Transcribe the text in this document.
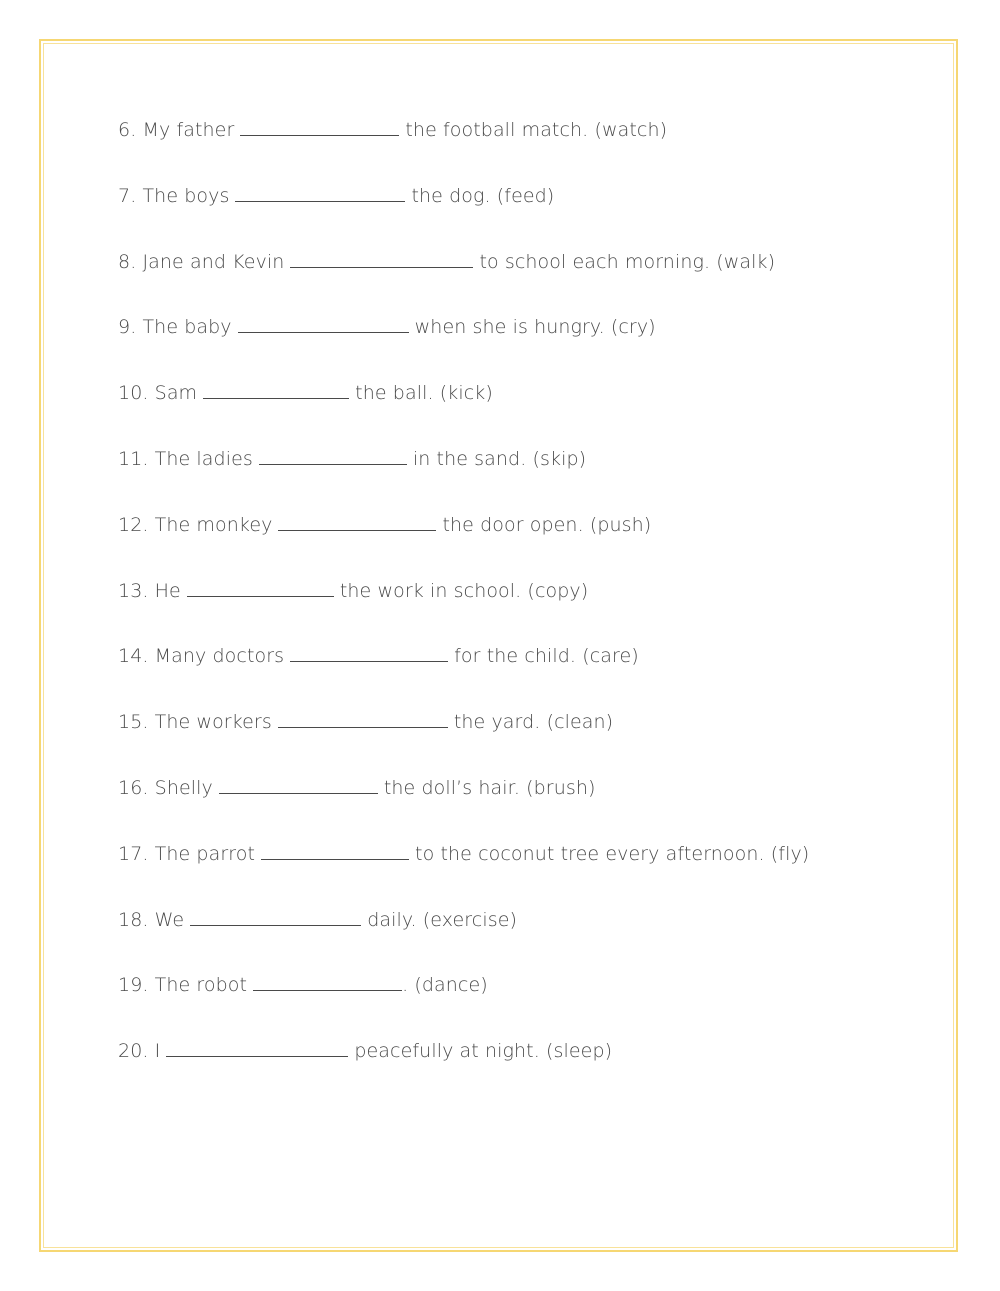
6. My father	the football match. (watch)
7. The boys	the dog. (feed)
8. Jane and Kevin	to school each morning. (walk)
9. The baby	when she is hungry. (cry)
10. Sam	the ball. (kick)
11. The ladies	in the sand. (skip)
12. The monkey	the door open. (push)
13. He	the work in school. (copy)
14. Many doctors	for the child. (care)
15. The workers	the yard. (clean)
16. Shelly	the doll’s hair. (brush)
17. The parrot	to the coconut tree every afternoon. (fly)
18. We	daily. (exercise)
19. The robot	. (dance)
20. I	peacefully at night. (sleep)
